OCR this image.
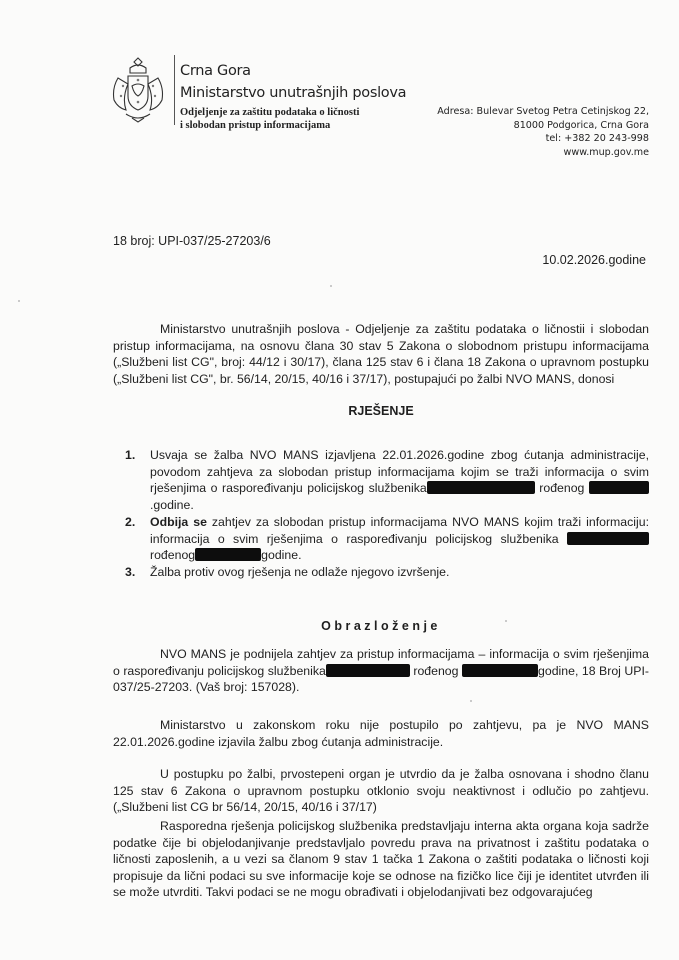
Crna Gora
Ministarstvo unutrašnjih poslova
Odjeljenje za zaštitu podataka o ličnosti
i slobodan pristup informacijama
Adresa: Bulevar Svetog Petra Cetinjskog 22,
81000 Podgorica, Crna Gora
tel: +382 20 243-998
www.mup.gov.me
18 broj: UPI-037/25-27203/6
10.02.2026.godine
Ministarstvo unutrašnjih poslova - Odjeljenje za zaštitu podataka o ličnostii i slobodan pristup informacijama, na osnovu člana 30 stav 5 Zakona o slobodnom pristupu informacijama („Službeni list CG", broj: 44/12 i 30/17), člana 125 stav 6 i člana 18 Zakona o upravnom postupku („Službeni list CG", br. 56/14, 20/15, 40/16 i 37/17), postupajući po žalbi NVO MANS, donosi
RJEŠENJE
1. Usvaja se žalba NVO MANS izjavljena 22.01.2026.godine zbog ćutanja administracije, povodom zahtjeva za slobodan pristup informacijama kojim se traži informacija o svim rješenjima o raspoređivanju policijskog službenika	rođenog .godine.
2. Odbija se zahtjev za slobodan pristup informacijama NVO MANS kojim traži informaciju: informacija o svim rješenjima o raspoređivanju policijskog službenika  rođenog	godine.
3. Žalba protiv ovog rješenja ne odlaže njegovo izvršenje.
Obrazloženje
NVO MANS je podnijela zahtjev za pristup informacijama – informacija o svim rješenjima o raspoređivanju policijskog službenika	rođenog	godine, 18 Broj UPI-037/25-27203. (Vaš broj: 157028).
Ministarstvo u zakonskom roku nije postupilo po zahtjevu, pa je NVO MANS 22.01.2026.godine izjavila žalbu zbog ćutanja administracije.
U postupku po žalbi, prvostepeni organ je utvrdio da je žalba osnovana i shodno članu 125 stav 6 Zakona o upravnom postupku otklonio svoju neaktivnost i odlučio po zahtjevu. („Službeni list CG br 56/14, 20/15, 40/16 i 37/17)
Rasporedna rješenja policijskog službenika predstavljaju interna akta organa koja sadrže podatke čije bi objelodanjivanje predstavljalo povredu prava na privatnost i zaštitu podataka o ličnosti zaposlenih, a u vezi sa članom 9 stav 1 tačka 1 Zakona o zaštiti podataka o ličnosti koji propisuje da lični podaci su sve informacije koje se odnose na fizičko lice čiji je identitet utvrđen ili se može utvrditi. Takvi podaci se ne mogu obrađivati i objelodanjivati bez odgovarajućeg
